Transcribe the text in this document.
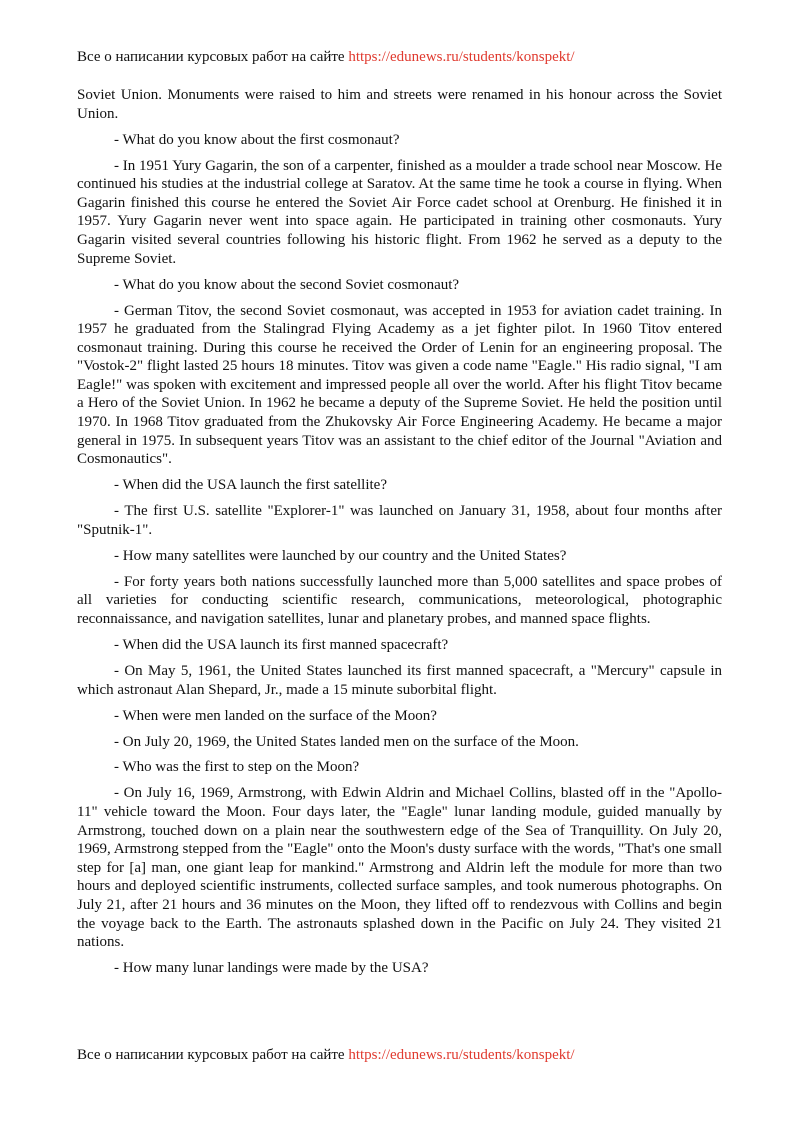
Все о написании курсовых работ на сайте https://edunews.ru/students/konspekt/

Soviet Union. Monuments were raised to him and streets were renamed in his honour across the Soviet Union.

- What do you know about the first cosmonaut?

- In 1951 Yury Gagarin, the son of a carpenter, finished as a moulder a trade school near Moscow. He continued his studies at the industrial college at Saratov. At the same time he took a course in flying. When Gagarin finished this course he entered the Soviet Air Force cadet school at Orenburg. He finished it in 1957. Yury Gagarin never went into space again. He participated in training other cosmonauts. Yury Gagarin visited several countries following his historic flight. From 1962 he served as a deputy to the Supreme Soviet.

- What do you know about the second Soviet cosmonaut?

- German Titov, the second Soviet cosmonaut, was accepted in 1953 for aviation cadet training. In 1957 he graduated from the Stalingrad Flying Academy as a jet fighter pilot. In 1960 Titov entered cosmonaut training. During this course he received the Order of Lenin for an engineering proposal. The "Vostok-2" flight lasted 25 hours 18 minutes. Titov was given a code name "Eagle." His radio signal, "I am Eagle!" was spoken with excitement and impressed people all over the world. After his flight Titov became a Hero of the Soviet Union. In 1962 he became a deputy of the Supreme Soviet. He held the position until 1970. In 1968 Titov graduated from the Zhukovsky Air Force Engineering Academy. He became a major general in 1975. In subsequent years Titov was an assistant to the chief editor of the Journal "Aviation and Cosmonautics".

- When did the USA launch the first satellite?

- The first U.S. satellite "Explorer-1" was launched on January 31, 1958, about four months after "Sputnik-1".

- How many satellites were launched by our country and the United States?

- For forty years both nations successfully launched more than 5,000 satellites and space probes of all varieties for conducting scientific research, communications, meteorological, photographic reconnaissance, and navigation satellites, lunar and planetary probes, and manned space flights.

- When did the USA launch its first manned spacecraft?

- On May 5, 1961, the United States launched its first manned spacecraft, a "Mercury" capsule in which astronaut Alan Shepard, Jr., made a 15 minute suborbital flight.

- When were men landed on the surface of the Moon?

- On July 20, 1969, the United States landed men on the surface of the Moon.

- Who was the first to step on the Moon?

- On July 16, 1969, Armstrong, with Edwin Aldrin and Michael Collins, blasted off in the "Apollo-11" vehicle toward the Moon. Four days later, the "Eagle" lunar landing module, guided manually by Armstrong, touched down on a plain near the southwestern edge of the Sea of Tranquillity. On July 20, 1969, Armstrong stepped from the "Eagle" onto the Moon's dusty surface with the words, "That's one small step for [a] man, one giant leap for mankind." Armstrong and Aldrin left the module for more than two hours and deployed scientific instruments, collected surface samples, and took numerous photographs. On July 21, after 21 hours and 36 minutes on the Moon, they lifted off to rendezvous with Collins and begin the voyage back to the Earth. The astronauts splashed down in the Pacific on July 24. They visited 21 nations.

- How many lunar landings were made by the USA?

Все о написании курсовых работ на сайте https://edunews.ru/students/konspekt/
